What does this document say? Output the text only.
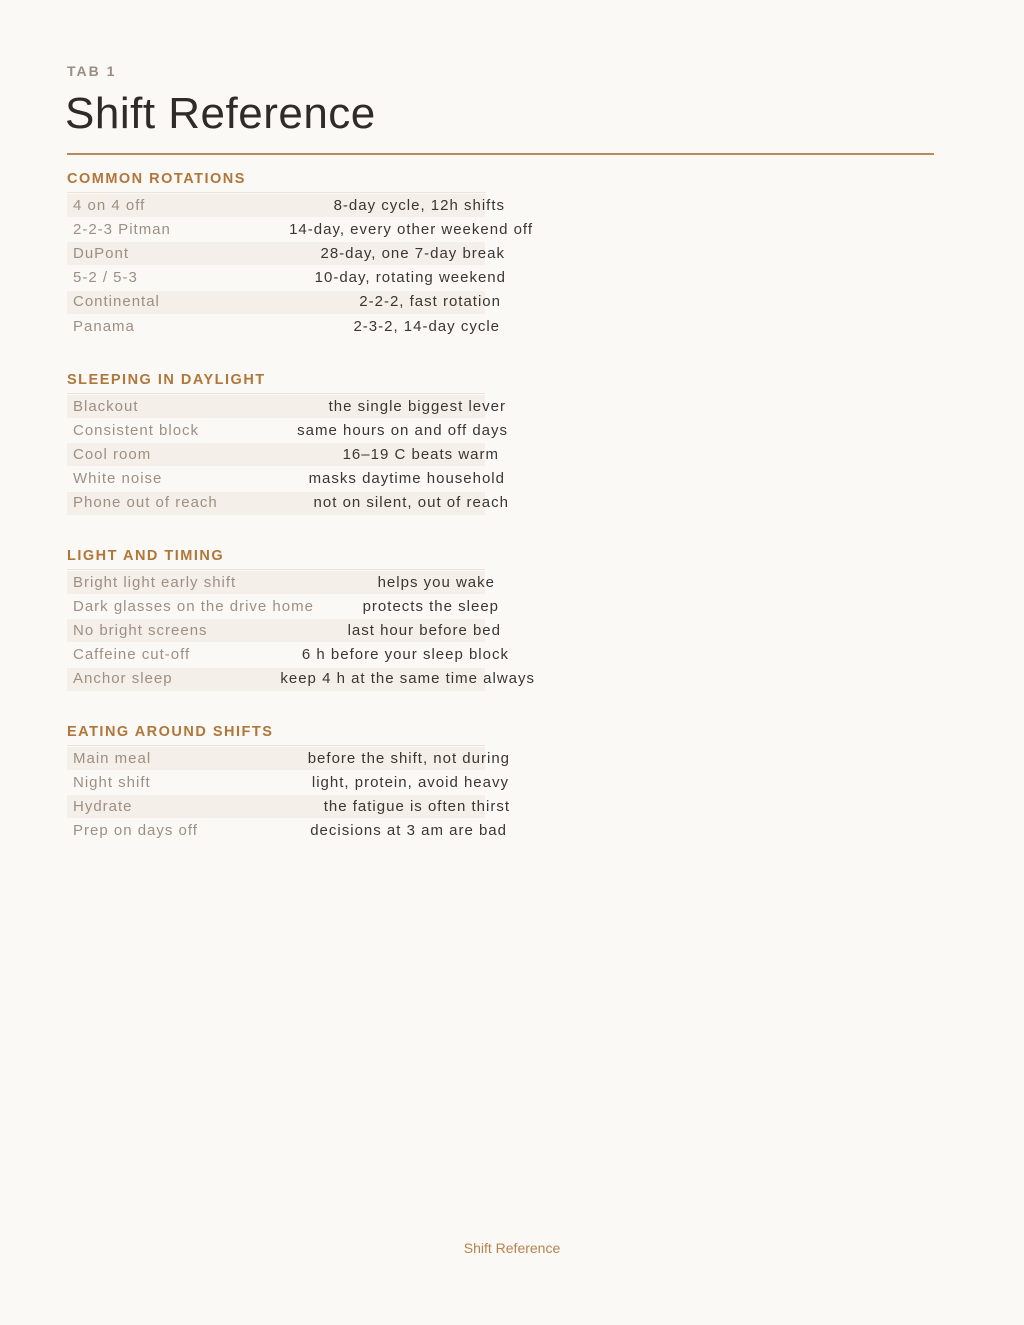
TAB 1
Shift Reference
COMMON ROTATIONS
4 on 4 off	8-day cycle, 12h shifts
2-2-3 Pitman	14-day, every other weekend off
DuPont	28-day, one 7-day break
5-2 / 5-3	10-day, rotating weekend
Continental	2-2-2, fast rotation
Panama	2-3-2, 14-day cycle
SLEEPING IN DAYLIGHT
Blackout	the single biggest lever
Consistent block	same hours on and off days
Cool room	16–19 C beats warm
White noise	masks daytime household
Phone out of reach	not on silent, out of reach
LIGHT AND TIMING
Bright light early shift	helps you wake
Dark glasses on the drive home	protects the sleep
No bright screens	last hour before bed
Caffeine cut-off	6 h before your sleep block
Anchor sleep	keep 4 h at the same time always
EATING AROUND SHIFTS
Main meal	before the shift, not during
Night shift	light, protein, avoid heavy
Hydrate	the fatigue is often thirst
Prep on days off	decisions at 3 am are bad
Shift Reference
